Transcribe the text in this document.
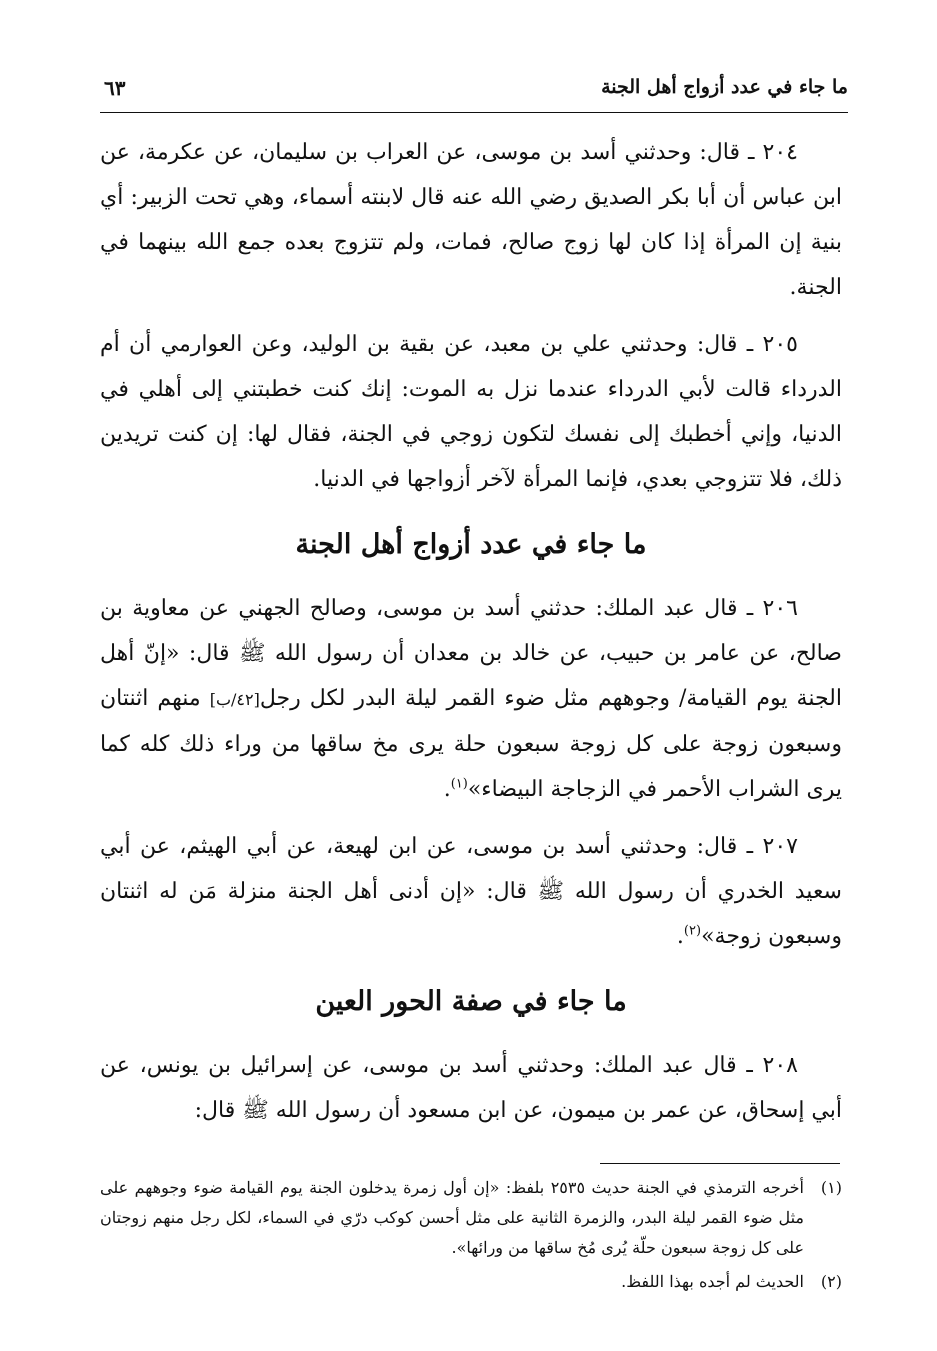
ما جاء في عدد أزواج أهل الجنة
٦٣

٢٠٤ ـ قال: وحدثني أسد بن موسى، عن العراب بن سليمان، عن عكرمة، عن ابن عباس أن أبا بكر الصديق رضي الله عنه قال لابنته أسماء، وهي تحت الزبير: أي بنية إن المرأة إذا كان لها زوج صالح، فمات، ولم تتزوج بعده جمع الله بينهما في الجنة.

٢٠٥ ـ قال: وحدثني علي بن معبد، عن بقية بن الوليد، وعن العوارمي أن أم الدرداء قالت لأبي الدرداء عندما نزل به الموت: إنك كنت خطبتني إلى أهلي في الدنيا، وإني أخطبك إلى نفسك لتكون زوجي في الجنة، فقال لها: إن كنت تريدين ذلك، فلا تتزوجي بعدي، فإنما المرأة لآخر أزواجها في الدنيا.

ما جاء في عدد أزواج أهل الجنة

٢٠٦ ـ قال عبد الملك: حدثني أسد بن موسى، وصالح الجهني عن معاوية بن صالح، عن عامر بن حبيب، عن خالد بن معدان أن رسول الله ﷺ قال: «إنّ أهل الجنة يوم القيامة/ وجوههم مثل ضوء القمر ليلة البدر لكل رجل[٤٢/ب] منهم اثنتان وسبعون زوجة على كل زوجة سبعون حلة يرى مخ ساقها من وراء ذلك كله كما يرى الشراب الأحمر في الزجاجة البيضاء»$^{(١)}$.

٢٠٧ ـ قال: وحدثني أسد بن موسى، عن ابن لهيعة، عن أبي الهيثم، عن أبي سعيد الخدري أن رسول الله ﷺ قال: «إن أدنى أهل الجنة منزلة مَن له اثنتان وسبعون زوجة»$^{(٢)}$.

ما جاء في صفة الحور العين

٢٠٨ ـ قال عبد الملك: وحدثني أسد بن موسى، عن إسرائيل بن يونس، عن أبي إسحاق، عن عمر بن ميمون، عن ابن مسعود أن رسول الله ﷺ قال:

(١)
أخرجه الترمذي في الجنة حديث ٢٥٣٥ بلفظ: «إن أول زمرة يدخلون الجنة يوم القيامة ضوء وجوههم على مثل ضوء القمر ليلة البدر، والزمرة الثانية على مثل أحسن كوكب درّي في السماء، لكل رجل منهم زوجتان على كل زوجة سبعون حلّة يُرى مُخ ساقها من ورائها».
(٢)
الحديث لم أجده بهذا اللفظ.
